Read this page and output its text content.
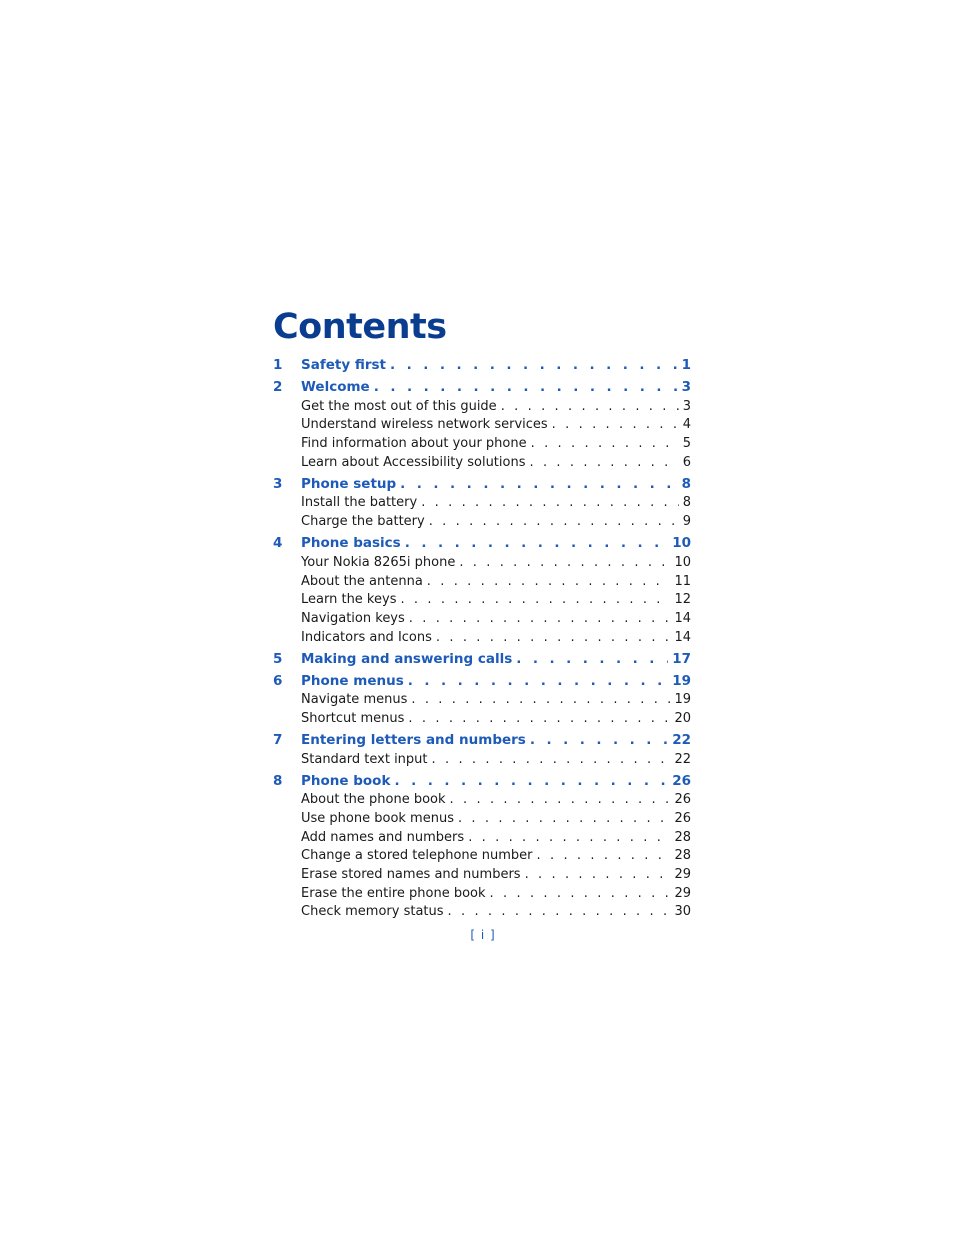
Contents
1	Safety first . . .	1
2	Welcome . . .	3
Get the most out of this guide . . .	3
Understand wireless network services . . .	4
Find information about your phone . . .	5
Learn about Accessibility solutions . . .	6
3	Phone setup . . .	8
Install the battery . . .	8
Charge the battery . . .	9
4	Phone basics . . .	10
Your Nokia 8265i phone . . .	10
About the antenna . . .	11
Learn the keys . . .	12
Navigation keys . . .	14
Indicators and Icons . . .	14
5	Making and answering calls . . .	17
6	Phone menus . . .	19
Navigate menus . . .	19
Shortcut menus . . .	20
7	Entering letters and numbers . . .	22
Standard text input . . .	22
8	Phone book . . .	26
About the phone book . . .	26
Use phone book menus . . .	26
Add names and numbers . . .	28
Change a stored telephone number . . .	28
Erase stored names and numbers . . .	29
Erase the entire phone book . . .	29
Check memory status . . .	30
[ i ]
